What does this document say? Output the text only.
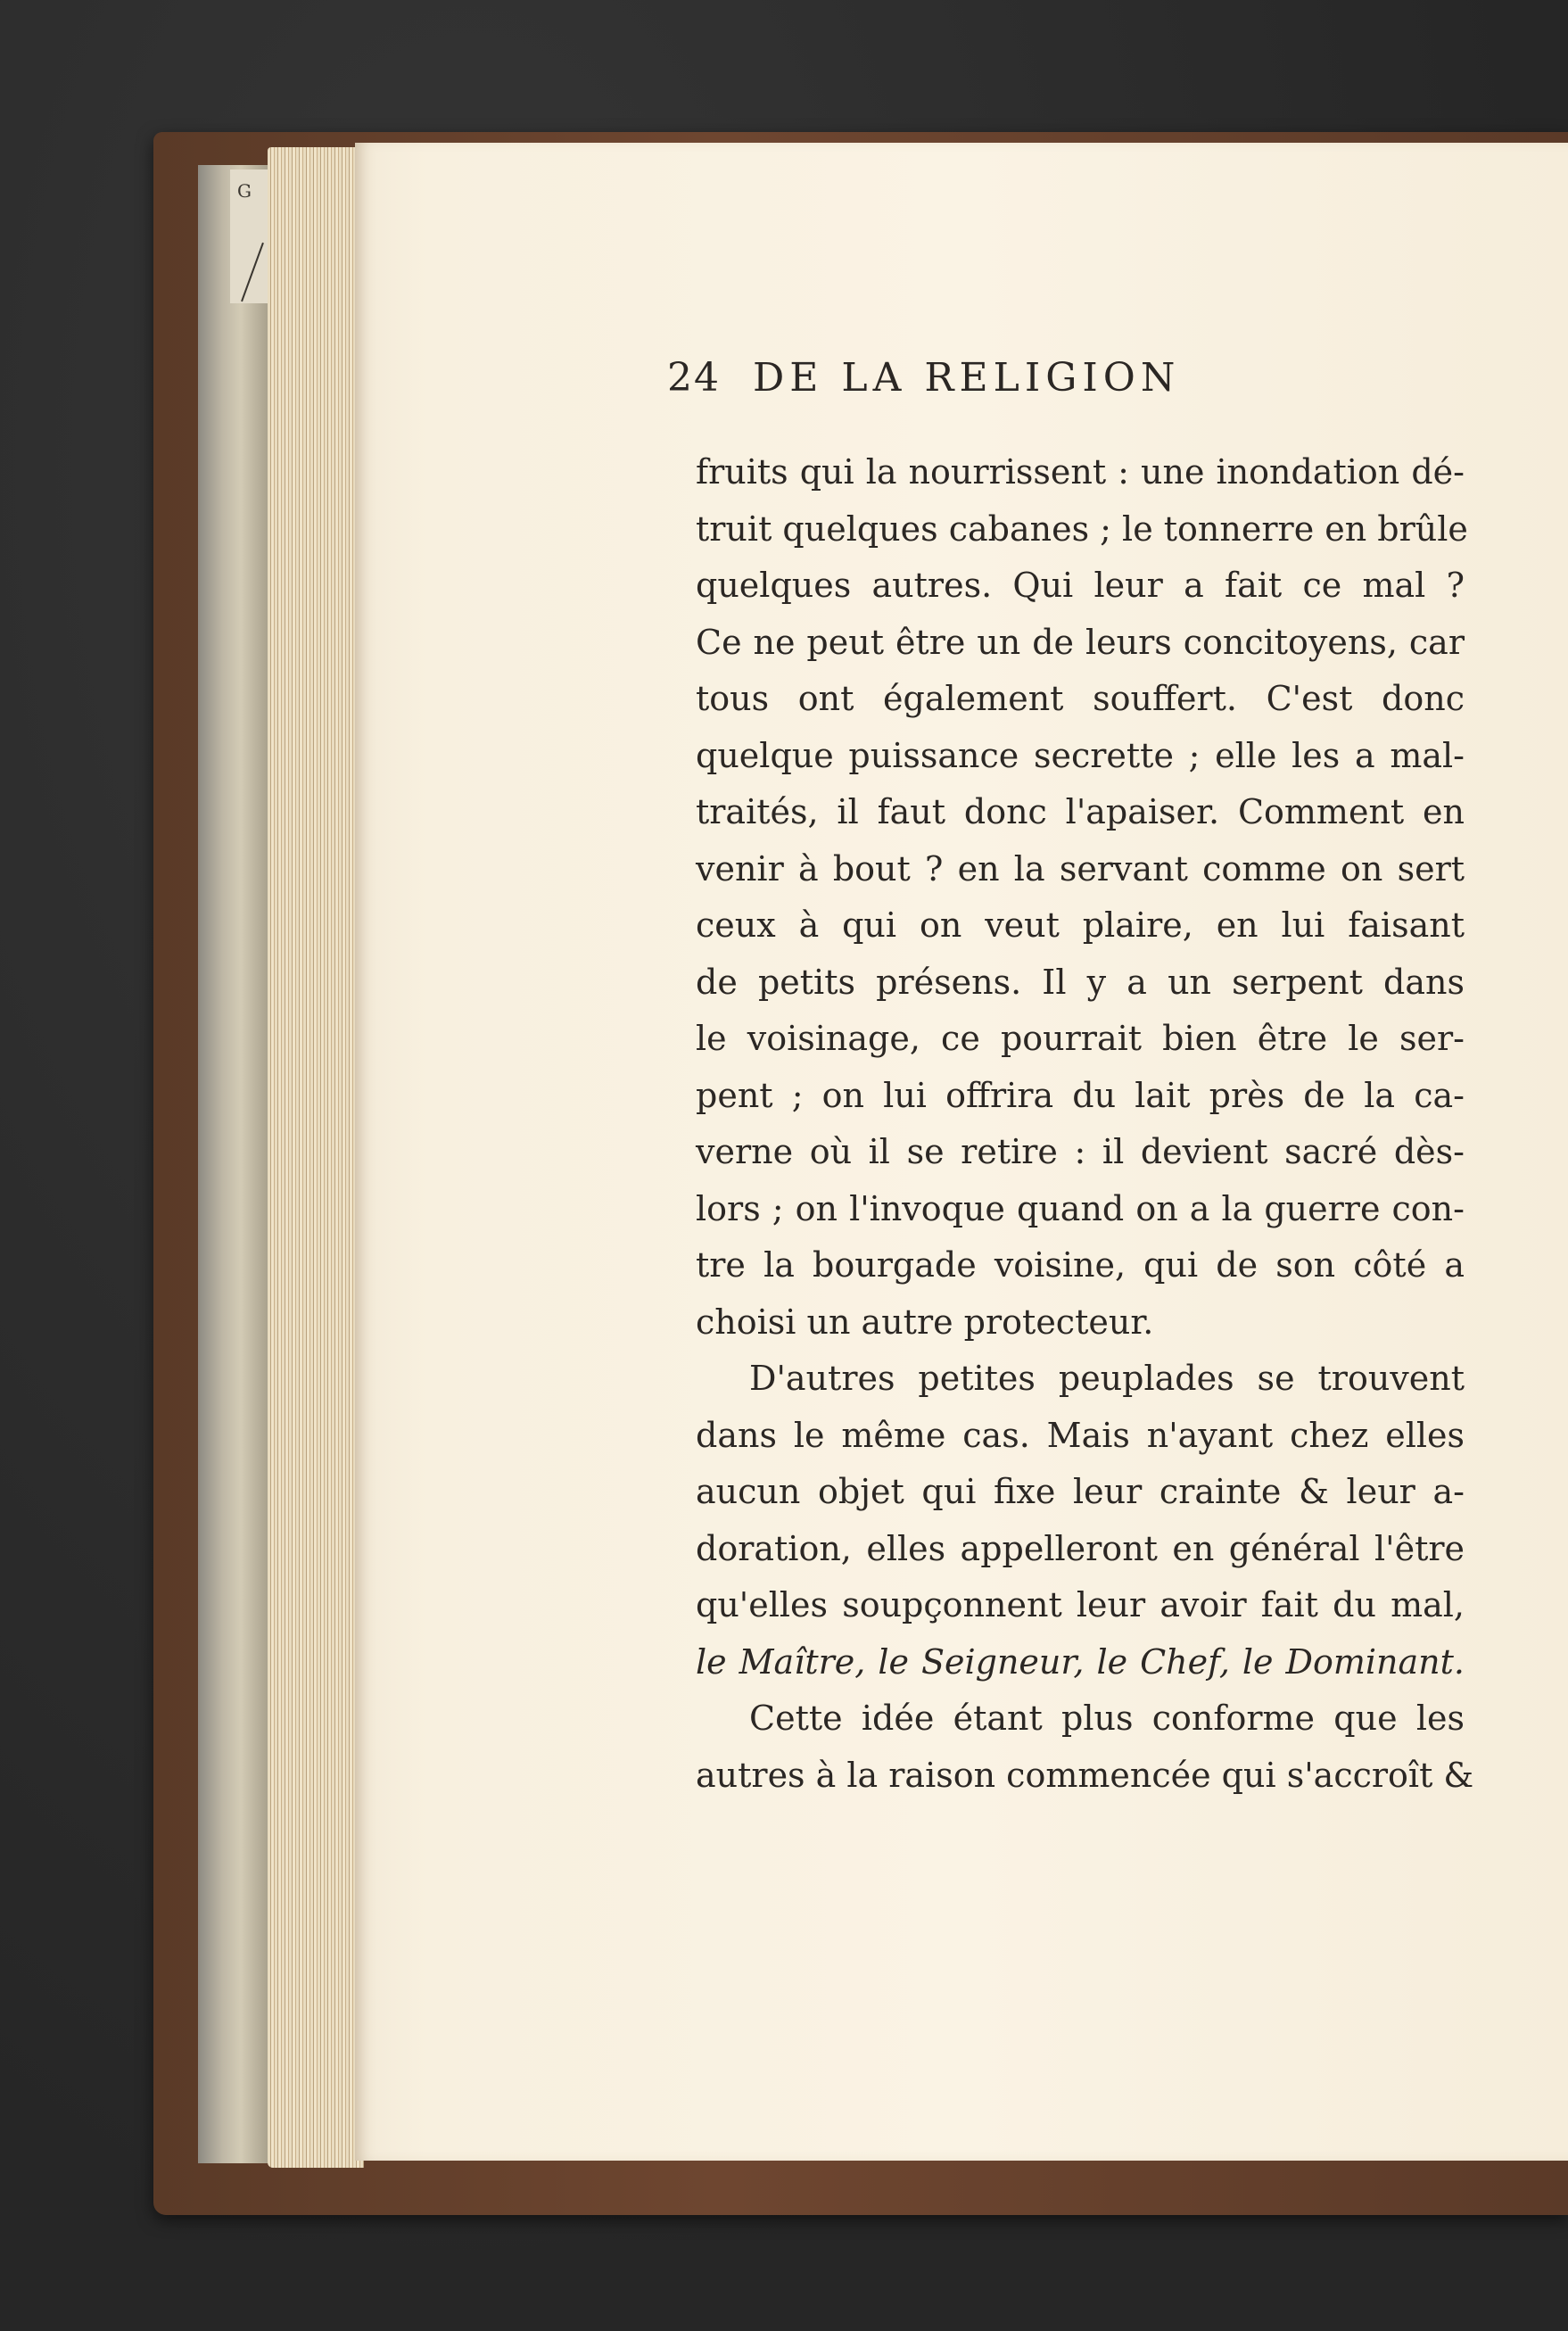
G
24 DE LA RELIGION
fruits qui la nourrissent : une inondation dé-
truit quelques cabanes ; le tonnerre en brûle
quelques autres. Qui leur a fait ce mal ?
Ce ne peut être un de leurs concitoyens, car
tous ont également souffert. C'est donc
quelque puissance secrette ; elle les a mal-
traités, il faut donc l'apaiser. Comment en
venir à bout ? en la servant comme on sert
ceux à qui on veut plaire, en lui faisant
de petits présens. Il y a un serpent dans
le voisinage, ce pourrait bien être le ser-
pent ; on lui offrira du lait près de la ca-
verne où il se retire : il devient sacré dès-
lors ; on l'invoque quand on a la guerre con-
tre la bourgade voisine, qui de son côté a
choisi un autre protecteur.
D'autres petites peuplades se trouvent
dans le même cas. Mais n'ayant chez elles
aucun objet qui fixe leur crainte & leur a-
doration, elles appelleront en général l'être
qu'elles soupçonnent leur avoir fait du mal,
le Maître, le Seigneur, le Chef, le Dominant.
Cette idée étant plus conforme que les
autres à la raison commencée qui s'accroît &
